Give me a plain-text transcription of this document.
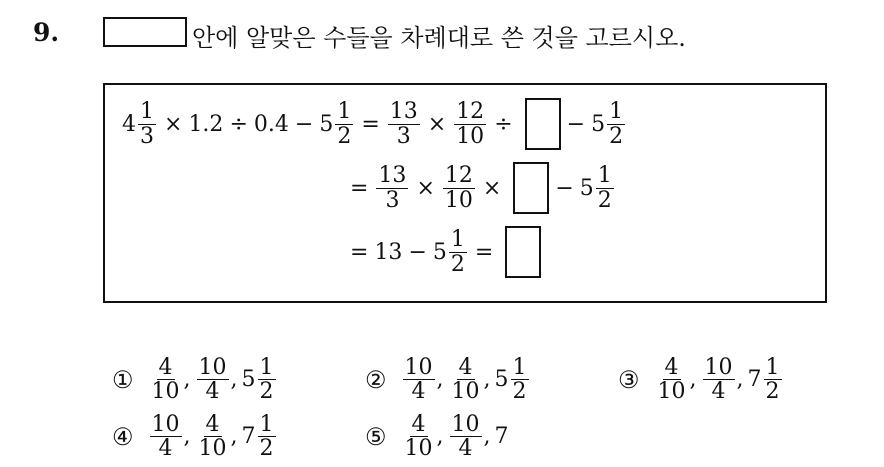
9.	안에 알맞은 수들을 차례대로 쓴 것을 고르시오.
$4 \frac{1}{3} \times 1.2 \div 0.4 - 5 \frac{1}{2} = \frac{13}{3} \times \frac{12}{10}$ ÷ − $5 \frac{1}{2}$
= $\frac{13}{3} \times \frac{12}{10}$ × − $5 \frac{1}{2}$
= $13 - 5 \frac{1}{2}$ =
① $\frac{4}{10}$ , $\frac{10}{4}$ , $5 \frac{1}{2}$	② $\frac{10}{4}$ , $\frac{4}{10}$ , $5 \frac{1}{2}$	③ $\frac{4}{10}$ , $\frac{10}{4}$ , $7 \frac{1}{2}$
④ $\frac{10}{4}$ , $\frac{4}{10}$ , $7 \frac{1}{2}$	⑤ $\frac{4}{10}$ , $\frac{10}{4}$ , 7
